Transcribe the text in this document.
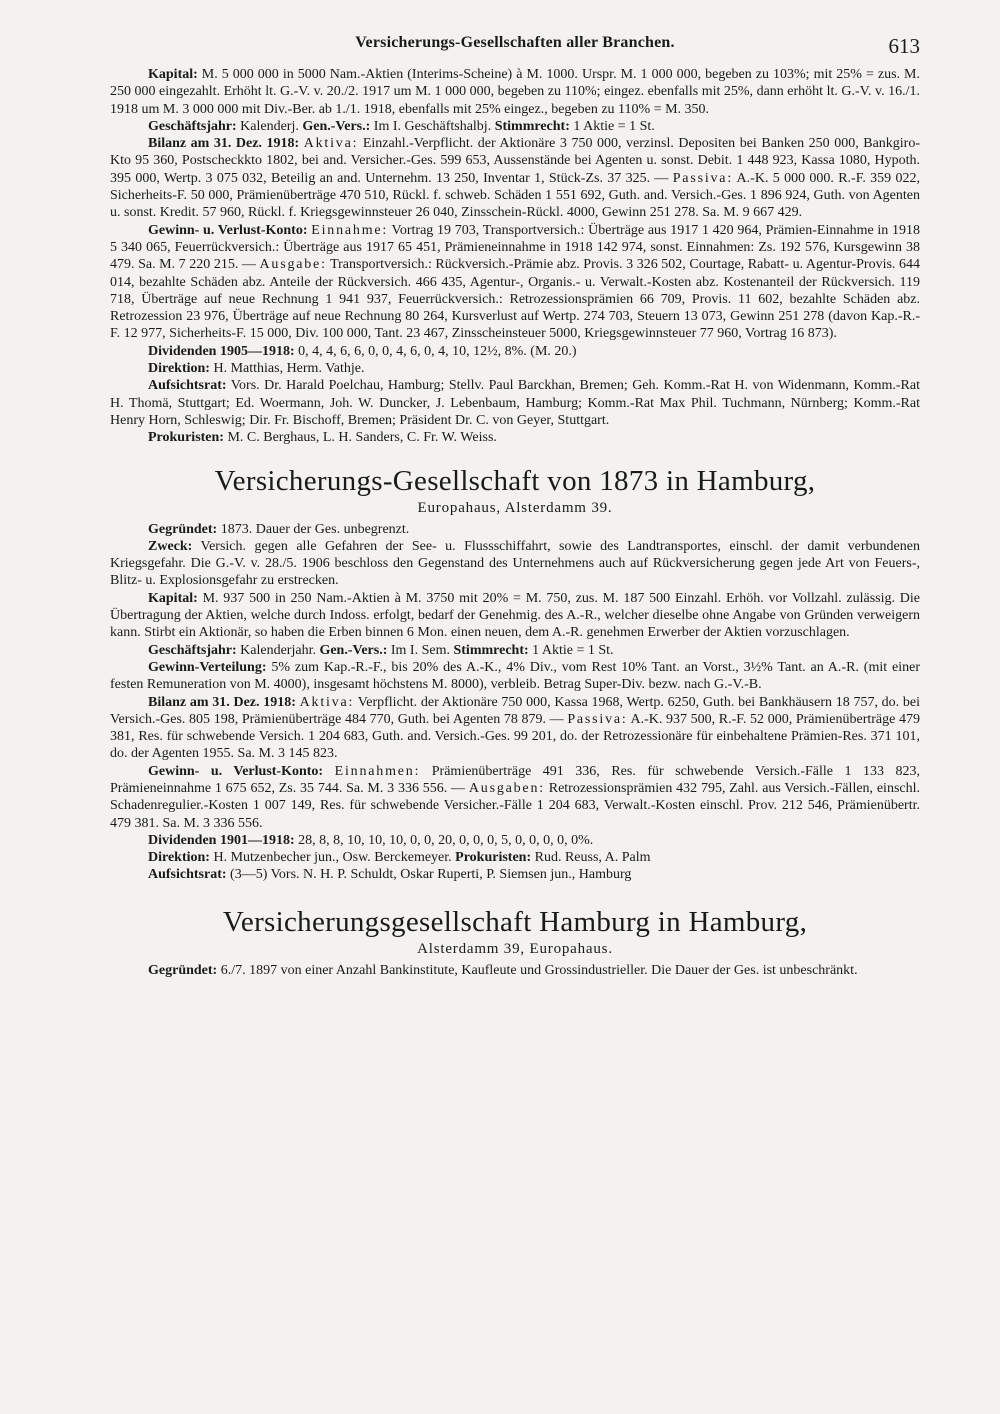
Versicherungs-Gesellschaften aller Branchen.	613

Kapital: M. 5 000 000 in 5000 Nam.-Aktien (Interims-Scheine) à M. 1000. Urspr. M. 1 000 000, begeben zu 103%; mit 25% = zus. M. 250 000 eingezahlt. Erhöht lt. G.-V. v. 20./2. 1917 um M. 1 000 000, begeben zu 110%; eingez. ebenfalls mit 25%, dann erhöht lt. G.-V. v. 16./1. 1918 um M. 3 000 000 mit Div.-Ber. ab 1./1. 1918, ebenfalls mit 25% eingez., begeben zu 110% = M. 350.

Geschäftsjahr: Kalenderj. Gen.-Vers.: Im I. Geschäftshalbj. Stimmrecht: 1 Aktie = 1 St.

Bilanz am 31. Dez. 1918: Aktiva: Einzahl.-Verpflicht. der Aktionäre 3 750 000, verzinsl. Depositen bei Banken 250 000, Bankgiro-Kto 95 360, Postscheckkto 1802, bei and. Versicher.-Ges. 599 653, Aussenstände bei Agenten u. sonst. Debit. 1 448 923, Kassa 1080, Hypoth. 395 000, Wertp. 3 075 032, Beteilig an and. Unternehm. 13 250, Inventar 1, Stück-Zs. 37 325. — Passiva: A.-K. 5 000 000. R.-F. 359 022, Sicherheits-F. 50 000, Prämienüberträge 470 510, Rückl. f. schweb. Schäden 1 551 692, Guth. and. Versich.-Ges. 1 896 924, Guth. von Agenten u. sonst. Kredit. 57 960, Rückl. f. Kriegsgewinnsteuer 26 040, Zinsschein-Rückl. 4000, Gewinn 251 278. Sa. M. 9 667 429.

Gewinn- u. Verlust-Konto: Einnahme: Vortrag 19 703, Transportversich.: Überträge aus 1917 1 420 964, Prämien-Einnahme in 1918 5 340 065, Feuerrückversich.: Überträge aus 1917 65 451, Prämieneinnahme in 1918 142 974, sonst. Einnahmen: Zs. 192 576, Kursgewinn 38 479. Sa. M. 7 220 215. — Ausgabe: Transportversich.: Rückversich.-Prämie abz. Provis. 3 326 502, Courtage, Rabatt- u. Agentur-Provis. 644 014, bezahlte Schäden abz. Anteile der Rückversich. 466 435, Agentur-, Organis.- u. Verwalt.-Kosten abz. Kostenanteil der Rückversich. 119 718, Überträge auf neue Rechnung 1 941 937, Feuerrückversich.: Retrozessionsprämien 66 709, Provis. 11 602, bezahlte Schäden abz. Retrozession 23 976, Überträge auf neue Rechnung 80 264, Kursverlust auf Wertp. 274 703, Steuern 13 073, Gewinn 251 278 (davon Kap.-R.-F. 12 977, Sicherheits-F. 15 000, Div. 100 000, Tant. 23 467, Zinsscheinsteuer 5000, Kriegsgewinnsteuer 77 960, Vortrag 16 873).

Dividenden 1905—1918: 0, 4, 4, 6, 6, 0, 0, 4, 6, 0, 4, 10, 12½, 8%. (M. 20.)

Direktion: H. Matthias, Herm. Vathje.

Aufsichtsrat: Vors. Dr. Harald Poelchau, Hamburg; Stellv. Paul Barckhan, Bremen; Geh. Komm.-Rat H. von Widenmann, Komm.-Rat H. Thomä, Stuttgart; Ed. Woermann, Joh. W. Duncker, J. Lebenbaum, Hamburg; Komm.-Rat Max Phil. Tuchmann, Nürnberg; Komm.-Rat Henry Horn, Schleswig; Dir. Fr. Bischoff, Bremen; Präsident Dr. C. von Geyer, Stuttgart.

Prokuristen: M. C. Berghaus, L. H. Sanders, C. Fr. W. Weiss.

Versicherungs-Gesellschaft von 1873 in Hamburg,
Europahaus, Alsterdamm 39.

Gegründet: 1873. Dauer der Ges. unbegrenzt.

Zweck: Versich. gegen alle Gefahren der See- u. Flussschiffahrt, sowie des Landtransportes, einschl. der damit verbundenen Kriegsgefahr. Die G.-V. v. 28./5. 1906 beschloss den Gegenstand des Unternehmens auch auf Rückversicherung gegen jede Art von Feuers-, Blitz- u. Explosionsgefahr zu erstrecken.

Kapital: M. 937 500 in 250 Nam.-Aktien à M. 3750 mit 20% = M. 750, zus. M. 187 500 Einzahl. Erhöh. vor Vollzahl. zulässig. Die Übertragung der Aktien, welche durch Indoss. erfolgt, bedarf der Genehmig. des A.-R., welcher dieselbe ohne Angabe von Gründen verweigern kann. Stirbt ein Aktionär, so haben die Erben binnen 6 Mon. einen neuen, dem A.-R. genehmen Erwerber der Aktien vorzuschlagen.

Geschäftsjahr: Kalenderjahr. Gen.-Vers.: Im I. Sem. Stimmrecht: 1 Aktie = 1 St.

Gewinn-Verteilung: 5% zum Kap.-R.-F., bis 20% des A.-K., 4% Div., vom Rest 10% Tant. an Vorst., 3½% Tant. an A.-R. (mit einer festen Remuneration von M. 4000), insgesamt höchstens M. 8000), verbleib. Betrag Super-Div. bezw. nach G.-V.-B.

Bilanz am 31. Dez. 1918: Aktiva: Verpflicht. der Aktionäre 750 000, Kassa 1968, Wertp. 6250, Guth. bei Bankhäusern 18 757, do. bei Versich.-Ges. 805 198, Prämienüberträge 484 770, Guth. bei Agenten 78 879. — Passiva: A.-K. 937 500, R.-F. 52 000, Prämienüberträge 479 381, Res. für schwebende Versich. 1 204 683, Guth. and. Versich.-Ges. 99 201, do. der Retrozessionäre für einbehaltene Prämien-Res. 371 101, do. der Agenten 1955. Sa. M. 3 145 823.

Gewinn- u. Verlust-Konto: Einnahmen: Prämienüberträge 491 336, Res. für schwebende Versich.-Fälle 1 133 823, Prämieneinnahme 1 675 652, Zs. 35 744. Sa. M. 3 336 556. — Ausgaben: Retrozessionsprämien 432 795, Zahl. aus Versich.-Fällen, einschl. Schadenregulier.-Kosten 1 007 149, Res. für schwebende Versicher.-Fälle 1 204 683, Verwalt.-Kosten einschl. Prov. 212 546, Prämienübertr. 479 381. Sa. M. 3 336 556.

Dividenden 1901—1918: 28, 8, 8, 10, 10, 10, 0, 0, 20, 0, 0, 0, 5, 0, 0, 0, 0, 0%.

Direktion: H. Mutzenbecher jun., Osw. Berckemeyer. Prokuristen: Rud. Reuss, A. Palm

Aufsichtsrat: (3—5) Vors. N. H. P. Schuldt, Oskar Ruperti, P. Siemsen jun., Hamburg

Versicherungsgesellschaft Hamburg in Hamburg,
Alsterdamm 39, Europahaus.

Gegründet: 6./7. 1897 von einer Anzahl Bankinstitute, Kaufleute und Grossindustrieller. Die Dauer der Ges. ist unbeschränkt.
